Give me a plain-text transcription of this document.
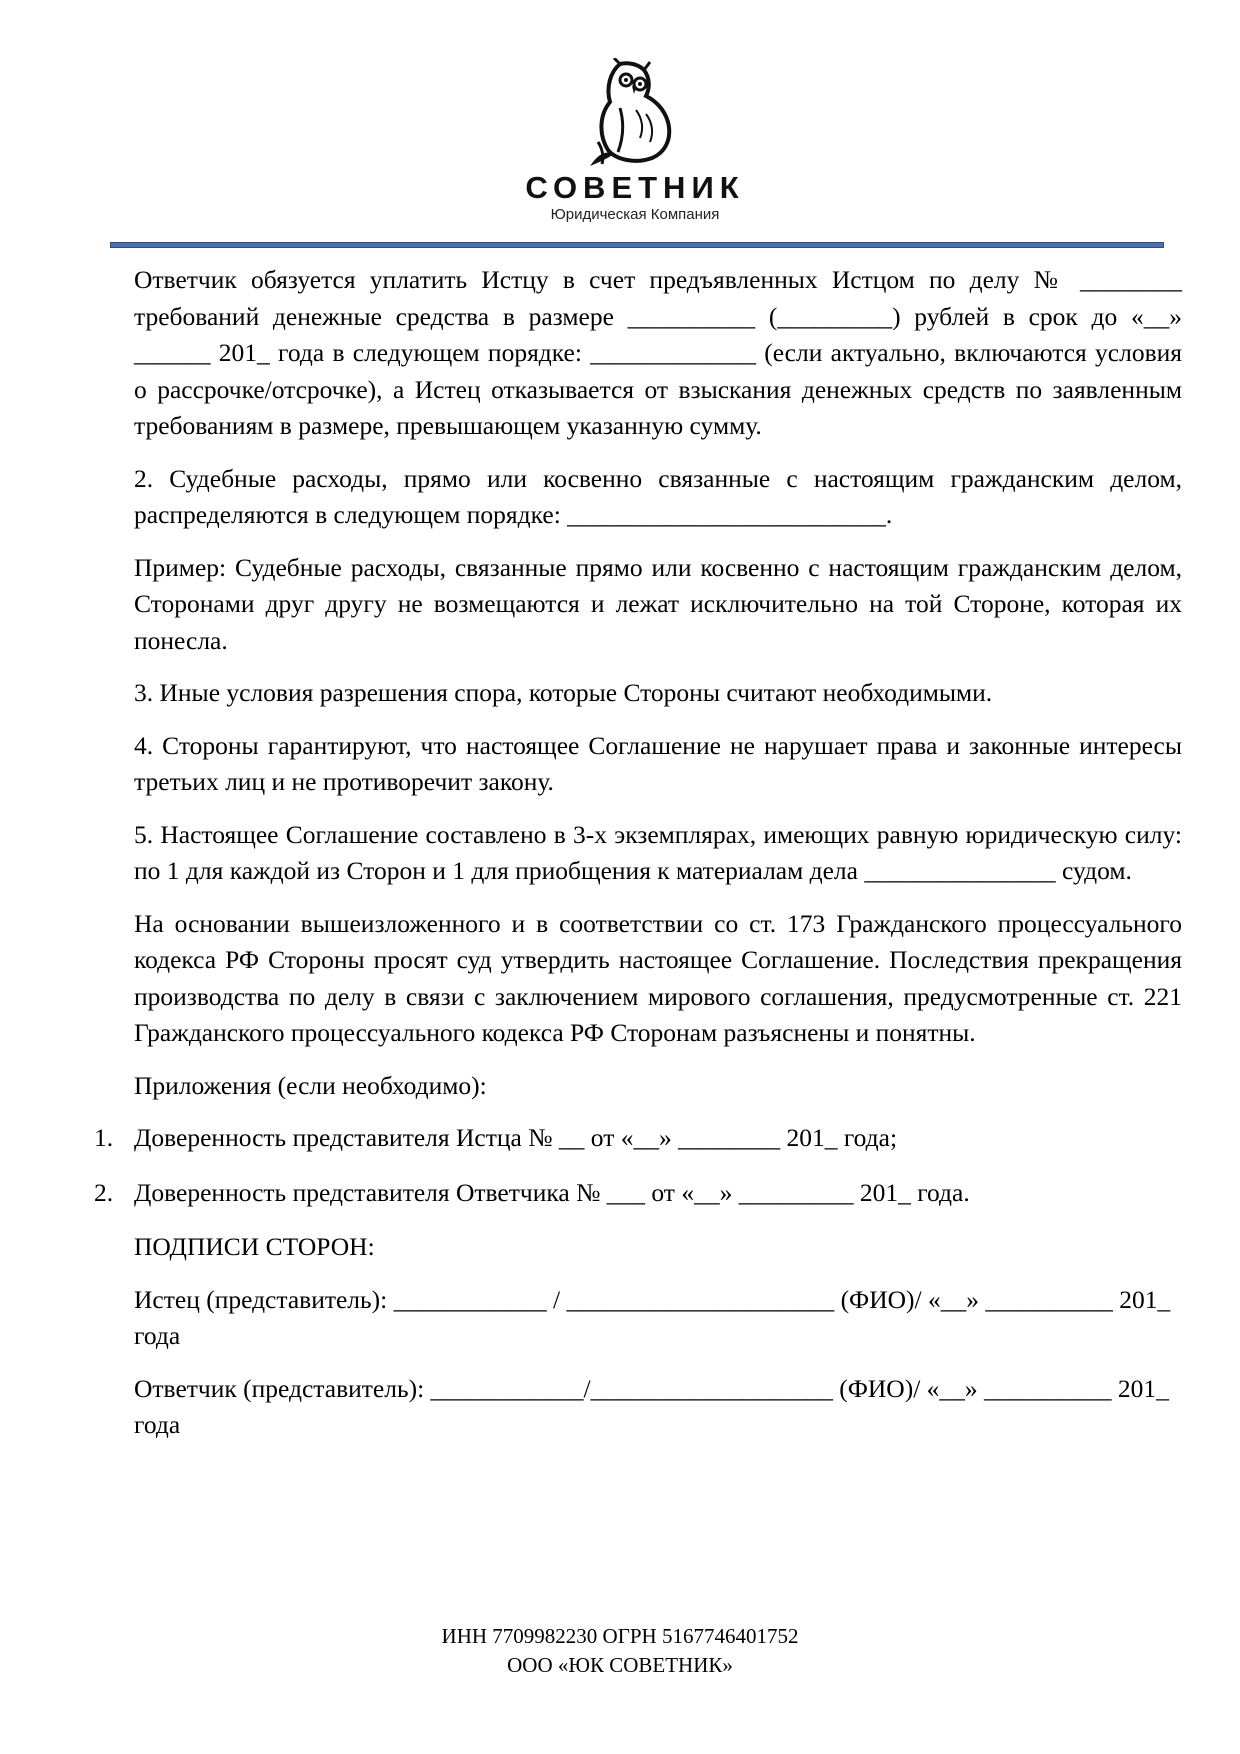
СОВЕТНИК
Юридическая Компания

Ответчик обязуется уплатить Истцу в счет предъявленных Истцом по делу № ________ требований денежные средства в размере __________ (_________) рублей в срок до «__» ______ 201_ года в следующем порядке: _____________ (если актуально, включаются условия о рассрочке/отсрочке), а Истец отказывается от взыскания денежных средств по заявленным требованиям в размере, превышающем указанную сумму.

2. Судебные расходы, прямо или косвенно связанные с настоящим гражданским делом, распределяются в следующем порядке: _________________________.

Пример: Судебные расходы, связанные прямо или косвенно с настоящим гражданским делом, Сторонами друг другу не возмещаются и лежат исключительно на той Стороне, которая их понесла.

3. Иные условия разрешения спора, которые Стороны считают необходимыми.

4. Стороны гарантируют, что настоящее Соглашение не нарушает права и законные интересы третьих лиц и не противоречит закону.

5. Настоящее Соглашение составлено в 3-х экземплярах, имеющих равную юридическую силу: по 1 для каждой из Сторон и 1 для приобщения к материалам дела _______________ судом.

На основании вышеизложенного и в соответствии со ст. 173 Гражданского процессуального кодекса РФ Стороны просят суд утвердить настоящее Соглашение. Последствия прекращения производства по делу в связи с заключением мирового соглашения, предусмотренные ст. 221 Гражданского процессуального кодекса РФ Сторонам разъяснены и понятны.

Приложения (если необходимо):

1. Доверенность представителя Истца № __ от «__» ________ 201_ года;
2. Доверенность представителя Ответчика № ___ от «__» _________ 201_ года.

ПОДПИСИ СТОРОН:

Истец (представитель): ____________ / _____________________ (ФИО)/ «__» __________ 201_ года

Ответчик (представитель): ____________/___________________ (ФИО)/ «__» __________ 201_ года

ИНН 7709982230 ОГРН 5167746401752
ООО «ЮК СОВЕТНИК»
